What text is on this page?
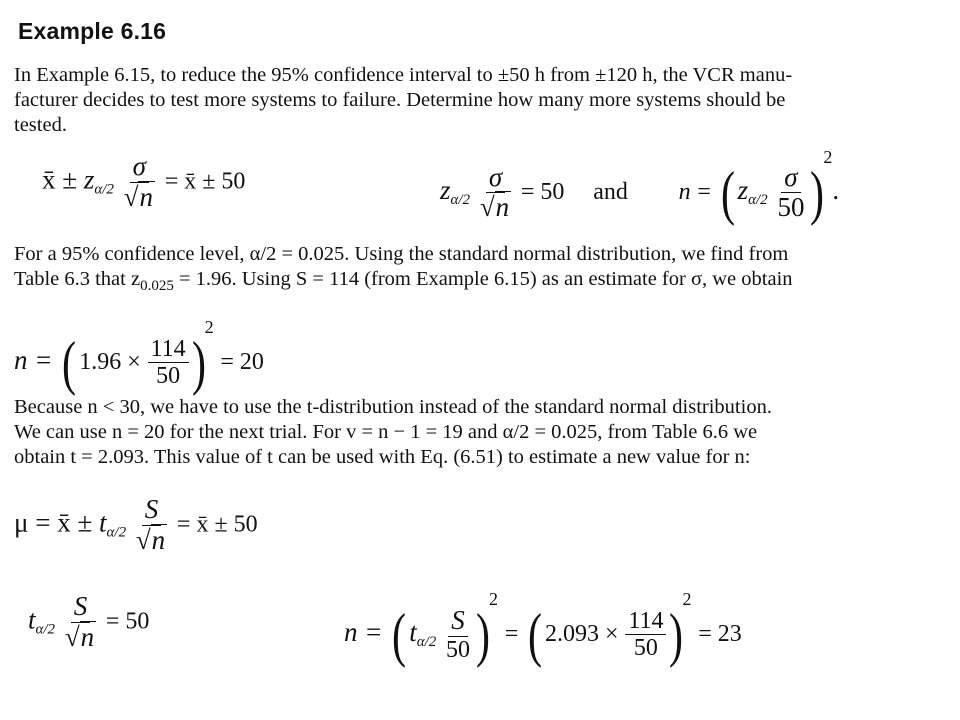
Example 6.16
In Example 6.15, to reduce the 95% confidence interval to ±50 h from ±120 h, the VCR manu-
facturer decides to test more systems to failure. Determine how many more systems should be
tested.
x̄ ± $z_{\alpha/2} \frac{\sigma}{√n}$ = x̄ ± 50	$z_{\alpha/2} \frac{\sigma}{√n} = 50$ and n = ( $z_{\alpha/2} \frac{\sigma}{50} )^2$.
For a 95% confidence level, α/2 = 0.025. Using the standard normal distribution, we find from
Table 6.3 that $z_{0.025} = 1.96$. Using S = 114 (from Example 6.15) as an estimate for σ, we obtain
n = ( $1.96 \times \frac{114}{50} )^2 = 20$
Because n < 30, we have to use the t-distribution instead of the standard normal distribution.
We can use n = 20 for the next trial. For v = n − 1 = 19 and α/2 = 0.025, from Table 6.6 we
obtain t = 2.093. This value of t can be used with Eq. (6.51) to estimate a new value for n:
μ = x̄ ± $t_{\alpha/2} \frac{S}{√n}$ = x̄ ± 50
$t_{\alpha/2} \frac{S}{√n} = 50$	n = ( $t_{\alpha/2} \frac{S}{50} )^2$ = ( $2.093 \times \frac{114}{50} )^2 = 23$
